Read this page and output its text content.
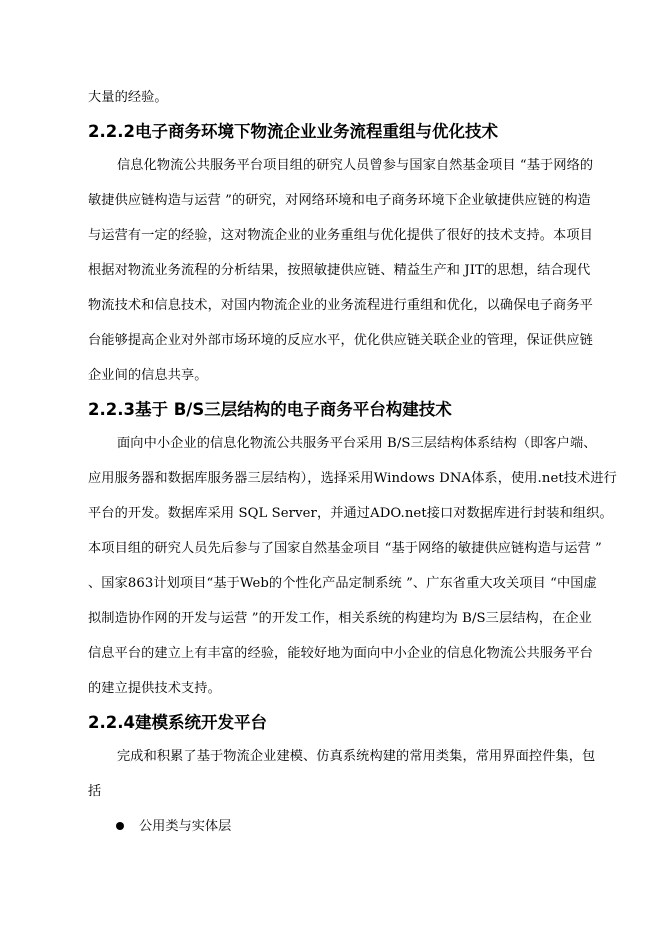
大量的经验。
2.2.2电子商务环境下物流企业业务流程重组与优化技术
信息化物流公共服务平台项目组的研究人员曾参与国家自然基金项目 “基于网络的
敏捷供应链构造与运营 ”的研究，对网络环境和电子商务环境下企业敏捷供应链的构造
与运营有一定的经验，这对物流企业的业务重组与优化提供了很好的技术支持。本项目
根据对物流业务流程的分析结果，按照敏捷供应链、精益生产和 JIT的思想，结合现代
物流技术和信息技术，对国内物流企业的业务流程进行重组和优化，以确保电子商务平
台能够提高企业对外部市场环境的反应水平，优化供应链关联企业的管理，保证供应链
企业间的信息共享。
2.2.3基于 B/S三层结构的电子商务平台构建技术
面向中小企业的信息化物流公共服务平台采用 B/S三层结构体系结构（即客户端、
应用服务器和数据库服务器三层结构），选择采用Windows DNA体系，使用.net技术进行
平台的开发。数据库采用 SQL Server，并通过ADO.net接口对数据库进行封装和组织。
本项目组的研究人员先后参与了国家自然基金项目 “基于网络的敏捷供应链构造与运营 ”
、国家863计划项目“基于Web的个性化产品定制系统 ”、广东省重大攻关项目 “中国虚
拟制造协作网的开发与运营 ”的开发工作，相关系统的构建均为 B/S三层结构，在企业
信息平台的建立上有丰富的经验，能较好地为面向中小企业的信息化物流公共服务平台
的建立提供技术支持。
2.2.4建模系统开发平台
完成和积累了基于物流企业建模、仿真系统构建的常用类集，常用界面控件集，包
括
公用类与实体层
